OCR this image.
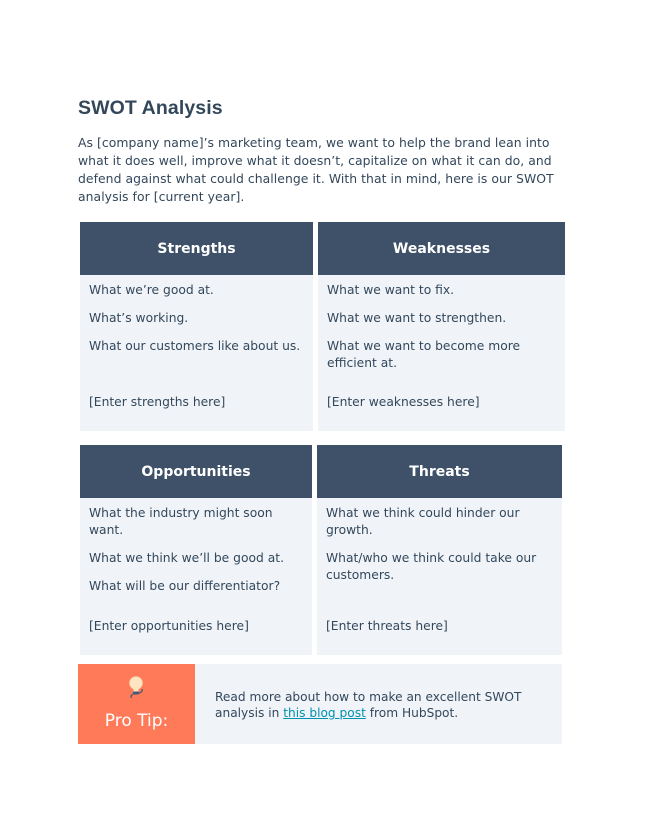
SWOT Analysis

As [company name]’s marketing team, we want to help the brand lean into what it does well, improve what it doesn’t, capitalize on what it can do, and defend against what could challenge it. With that in mind, here is our SWOT analysis for [current year].

Strengths

What we’re good at.

What’s working.

What our customers like about us.

[Enter strengths here]
Weaknesses

What we want to fix.

What we want to strengthen.

What we want to become more efficient at.

[Enter weaknesses here]
Opportunities

What the industry might soon want.

What we think we’ll be good at.

What will be our differentiator?

[Enter opportunities here]
Threats

What we think could hinder our growth.

What/who we think could take our customers.

[Enter threats here]
Pro Tip:

Read more about how to make an excellent SWOT analysis in this blog post from HubSpot.
